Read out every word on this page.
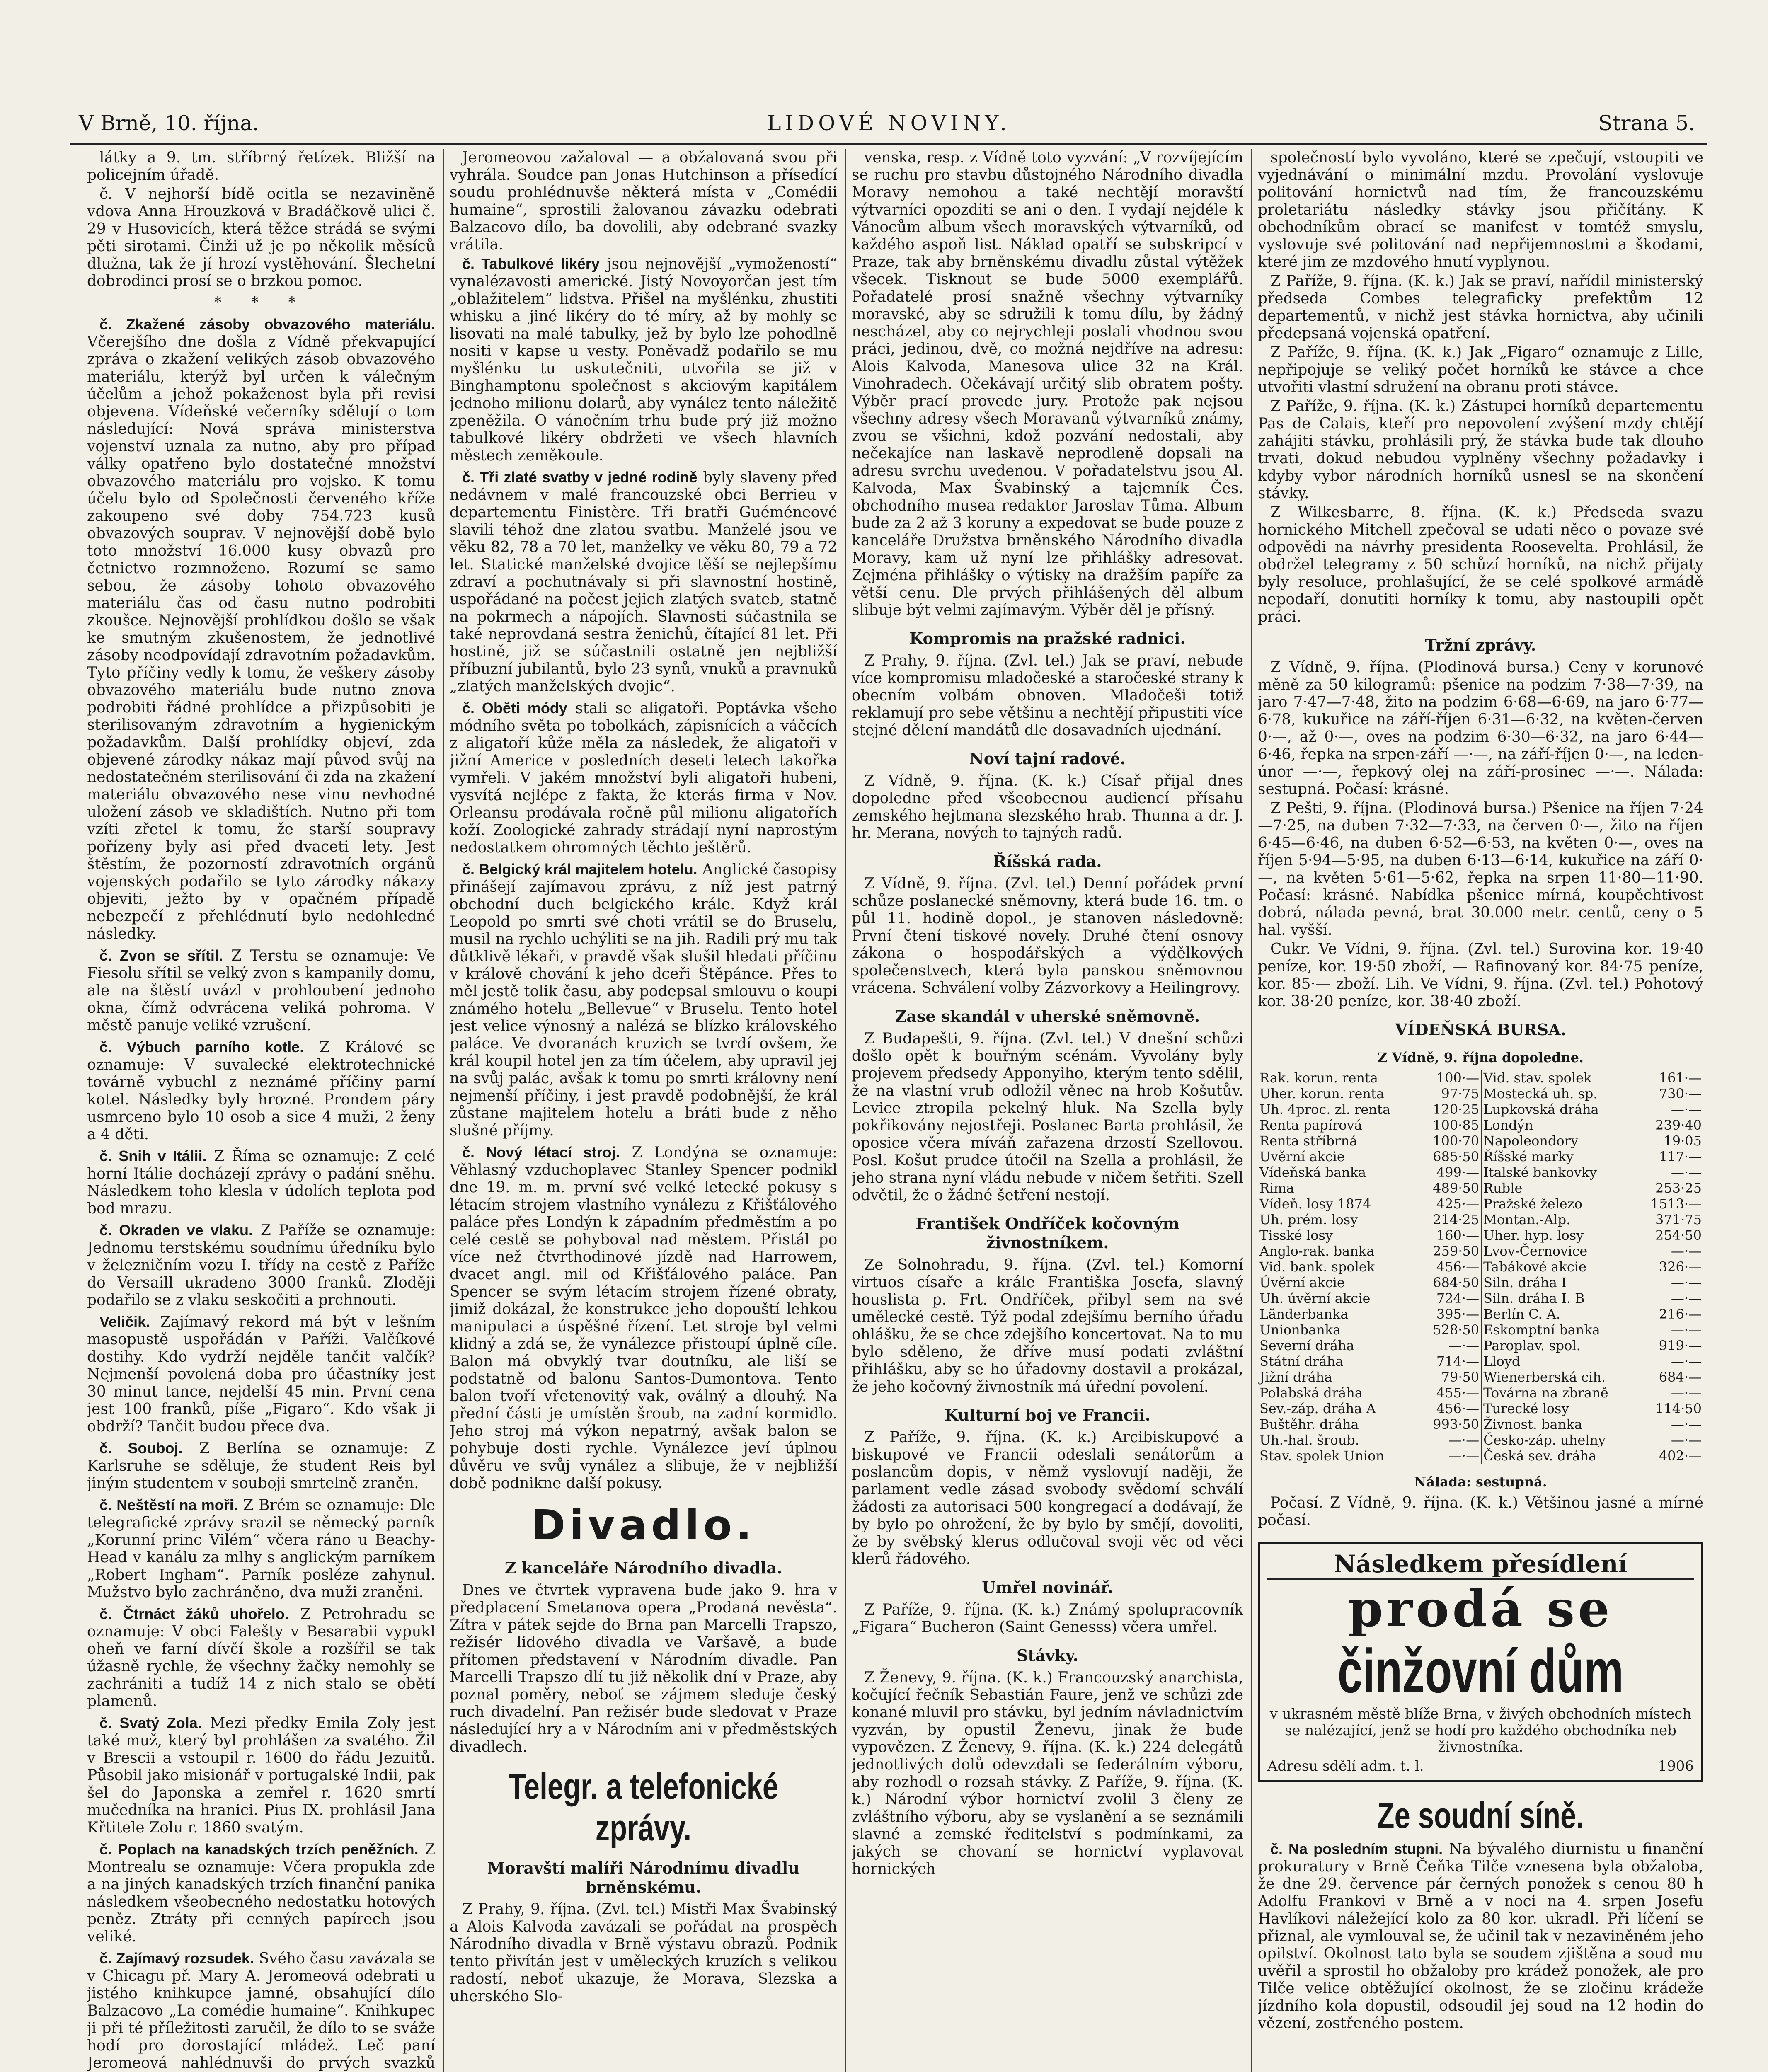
V Brně, 10. října.	LIDOVÉ NOVINY.	Strana 5.

látky a 9. tm. stříbrný řetízek. Bližší na policejním úřadě.

č. V nejhorší bídě ocitla se nezaviněně vdova Anna Hrouzková v Bradáčkově ulici č. 29 v Husovicích, která těžce strádá se svými pěti sirotami. Činži už je po několik měsíců dlužna, tak že jí hrozí vystěhování. Šlechetní dobrodinci prosí se o brzkou pomoc.

* * *

č. Zkažené zásoby obvazového materiálu. Včerejšího dne došla z Vídně překvapující zpráva o zkažení velikých zásob obvazového materiálu, kterýž byl určen k válečným účelům a jehož pokaženost byla při revisi objevena. Vídeňské večerníky sdělují o tom následující: Nová správa ministerstva vojenství uznala za nutno, aby pro případ války opatřeno bylo dostatečné množství obvazového materiálu pro vojsko. K tomu účelu bylo od Společnosti červeného kříže zakoupeno své doby 754.723 kusů obvazových souprav. V nejnovější době bylo toto množství 16.000 kusy obvazů pro četnictvo rozmnoženo. Rozumí se samo sebou, že zásoby tohoto obvazového materiálu čas od času nutno podrobiti zkoušce. Nejnovější prohlídkou došlo se však ke smutným zkušenostem, že jednotlivé zásoby neodpovídají zdravotním požadavkům. Tyto příčiny vedly k tomu, že veškery zásoby obvazového materiálu bude nutno znova podrobiti řádné prohlídce a přizpůsobiti je sterilisovaným zdravotním a hygienickým požadavkům. Další prohlídky objeví, zda objevené zárodky nákaz mají původ svůj na nedostatečném sterilisování či zda na zkažení materiálu obvazového nese vinu nevhodné uložení zásob ve skladištích. Nutno při tom vzíti zřetel k tomu, že starší soupravy pořízeny byly asi před dvaceti lety. Jest štěstím, že pozorností zdravotních orgánů vojenských podařilo se tyto zárodky nákazy objeviti, ježto by v opačném případě nebezpečí z přehlédnutí bylo nedohledné následky.

č. Zvon se sřítil. Z Terstu se oznamuje: Ve Fiesolu sřítil se velký zvon s kampanily domu, ale na štěstí uvázl v prohloubení jednoho okna, čímž odvrácena veliká pohroma. V městě panuje veliké vzrušení.

č. Výbuch parního kotle. Z Králové se oznamuje: V suvalecké elektrotechnické továrně vybuchl z neznámé příčiny parní kotel. Následky byly hrozné. Prondem páry usmrceno bylo 10 osob a sice 4 muži, 2 ženy a 4 děti.

č. Snih v Itálii. Z Říma se oznamuje: Z celé horní Itálie docházejí zprávy o padání sněhu. Následkem toho klesla v údolích teplota pod bod mrazu.

č. Okraden ve vlaku. Z Paříže se oznamuje: Jednomu terstskému soudnímu úředníku bylo v železničním vozu I. třídy na cestě z Paříže do Versaill ukradeno 3000 franků. Zloději podařilo se z vlaku seskočiti a prchnouti.

Veličik. Zajímavý rekord má být v lešním masopustě uspořádán v Paříži. Valčíkové dostihy. Kdo vydrží nejděle tančit valčík? Nejmenší povolená doba pro účastníky jest 30 minut tance, nejdelší 45 min. První cena jest 100 franků, píše „Figaro“. Kdo však ji obdrží? Tančit budou přece dva.

č. Souboj. Z Berlína se oznamuje: Z Karlsruhe se sděluje, že student Reis byl jiným studentem v souboji smrtelně zraněn.

č. Neštěstí na moři. Z Brém se oznamuje: Dle telegrafické zprávy srazil se německý parník „Korunní princ Vilém“ včera ráno u Beachy-Head v kanálu za mlhy s anglickým parníkem „Robert Ingham“. Parník posléze zahynul. Mužstvo bylo zachráněno, dva muži zraněni.

č. Čtrnáct žáků uhořelo. Z Petrohradu se oznamuje: V obci Falešty v Besarabii vypukl oheň ve farní dívčí škole a rozšířil se tak úžasně rychle, že všechny žačky nemohly se zachrániti a tudíž 14 z nich stalo se obětí plamenů.

č. Svatý Zola. Mezi předky Emila Zoly jest také muž, který byl prohlášen za svatého. Žil v Brescii a vstoupil r. 1600 do řádu Jezuitů. Působil jako misionář v portugalské Indii, pak šel do Japonska a zemřel r. 1620 smrtí mučedníka na hranici. Pius IX. prohlásil Jana Křtitele Zolu r. 1860 svatým.

č. Poplach na kanadských trzích peněžních. Z Montrealu se oznamuje: Včera propukla zde a na jiných kanadských trzích finanční panika následkem všeobecného nedostatku hotových peněz. Ztráty při cenných papírech jsou veliké.

č. Zajímavý rozsudek. Svého času zavázala se v Chicagu př. Mary A. Jeromeová odebrati u jistého knihkupce jamné, obsahující dílo Balzacovo „La comédie humaine“. Knihkupec ji při té příležitosti zaručil, že dílo to se sváže hodí pro dorostající mládež. Leč paní Jeromeová nahlédnuvši do prvých svazků

Jeromeovou zažaloval — a obžalovaná svou při vyhrála. Soudce pan Jonas Hutchinson a přísedící soudu prohlédnuvše některá místa v „Comédii humaine“, sprostili žalovanou závazku odebrati Balzacovo dílo, ba dovolili, aby odebrané svazky vrátila.

č. Tabulkové likéry jsou nejnovější „vymožeností“ vynalézavosti americké. Jistý Novoyorčan jest tím „oblažitelem“ lidstva. Přišel na myšlénku, zhustiti whisku a jiné likéry do té míry, až by mohly se lisovati na malé tabulky, jež by bylo lze pohodlně nositi v kapse u vesty. Poněvadž podařilo se mu myšlénku tu uskutečniti, utvořila se již v Binghamptonu společnost s akciovým kapitálem jednoho milionu dolarů, aby vynález tento náležitě zpeněžila. O vánočním trhu bude prý již možno tabulkové likéry obdržeti ve všech hlavních městech zeměkoule.

č. Tři zlaté svatby v jedné rodině byly slaveny před nedávnem v malé francouzské obci Berrieu v departementu Finistère. Tři bratři Guéméneové slavili téhož dne zlatou svatbu. Manželé jsou ve věku 82, 78 a 70 let, manželky ve věku 80, 79 a 72 let. Statické manželské dvojice těší se nejlepšímu zdraví a pochutnávaly si při slavnostní hostině, uspořádané na počest jejich zlatých svateb, statně na pokrmech a nápojích. Slavnosti súčastnila se také neprovdaná sestra ženichů, čítající 81 let. Při hostině, již se súčastnili ostatně jen nejbližší příbuzní jubilantů, bylo 23 synů, vnuků a pravnuků „zlatých manželských dvojic“.

č. Oběti módy stali se aligatoři. Poptávka všeho módního světa po tobolkách, zápisnících a váčcích z aligatoří kůže měla za následek, že aligatoři v jižní Americe v posledních deseti letech takořka vymřeli. V jakém množství byli aligatoři hubeni, vysvítá nejlépe z fakta, že kterás firma v Nov. Orleansu prodávala ročně půl milionu aligatořích koží. Zoologické zahrady strádají nyní naprostým nedostatkem ohromných těchto ještěrů.

č. Belgický král majitelem hotelu. Anglické časopisy přinášejí zajímavou zprávu, z níž jest patrný obchodní duch belgického krále. Když král Leopold po smrti své choti vrátil se do Bruselu, musil na rychlo uchýliti se na jih. Radili prý mu tak důtklivě lékaři, v pravdě však slušil hledati příčinu v králově chování k jeho dceři Štěpánce. Přes to měl jestě tolik času, aby podepsal smlouvu o koupi známého hotelu „Bellevue“ v Bruselu. Tento hotel jest velice výnosný a nalézá se blízko královského paláce. Ve dvoranách kruzich se tvrdí ovšem, že král koupil hotel jen za tím účelem, aby upravil jej na svůj palác, avšak k tomu po smrti královny není nejmenší příčiny, i jest pravdě podobnější, že král zůstane majitelem hotelu a bráti bude z něho slušné příjmy.

č. Nový létací stroj. Z Londýna se oznamuje: Věhlasný vzduchoplavec Stanley Spencer podnikl dne 19. m. m. první své velké letecké pokusy s létacím strojem vlastního vynálezu z Křišťálového paláce přes Londýn k západním předměstím a po celé cestě se pohyboval nad městem. Přistál po více než čtvrthodinové jízdě nad Harrowem, dvacet angl. mil od Křišťálového paláce. Pan Spencer se svým létacím strojem řízené obraty, jimiž dokázal, že konstrukce jeho dopouští lehkou manipulaci a úspěšné řízení. Let stroje byl velmi klidný a zdá se, že vynálezce přistoupí úplně cíle. Balon má obvyklý tvar doutníku, ale liší se podstatně od balonu Santos-Dumontova. Tento balon tvoří vřetenovitý vak, oválný a dlouhý. Na přední části je umístěn šroub, na zadní kormidlo. Jeho stroj má výkon nepatrný, avšak balon se pohybuje dosti rychle. Vynálezce jeví úplnou důvěru ve svůj vynález a slibuje, že v nejbližší době podnikne další pokusy.

Divadlo.
Z kanceláře Národního divadla.

Dnes ve čtvrtek vypravena bude jako 9. hra v předplacení Smetanova opera „Prodaná nevěsta“. Zítra v pátek sejde do Brna pan Marcelli Trapszo, režisér lidového divadla ve Varšavě, a bude přítomen představení v Národním divadle. Pan Marcelli Trapszo dlí tu již několik dní v Praze, aby poznal poměry, neboť se zájmem sleduje český ruch divadelní. Pan režisér bude sledovat v Praze následující hry a v Národním ani v předměstských divadlech.

Telegr. a telefonické zprávy.
Moravští malíři Národnímu divadlu brněnskému.

Z Prahy, 9. října. (Zvl. tel.) Mistři Max Švabinský a Alois Kalvoda zavázali se pořádat na prospěch Národního divadla v Brně výstavu obrazů. Podnik tento přivítán jest v uměleckých kruzích s velikou radostí, neboť ukazuje, že Morava, Slezska a uherského Slo-

venska, resp. z Vídně toto vyzvání: „V rozvíjejícím se ruchu pro stavbu důstojného Národního divadla Moravy nemohou a také nechtějí moravští výtvarníci opozditi se ani o den. I vydají nejdéle k Vánocům album všech moravských výtvarníků, od každého aspoň list. Náklad opatří se subskripcí v Praze, tak aby brněnskému divadlu zůstal výtěžek všecek. Tisknout se bude 5000 exemplářů. Pořadatelé prosí snažně všechny výtvarníky moravské, aby se sdružili k tomu dílu, by žádný nescházel, aby co nejrychleji poslali vhodnou svou práci, jedinou, dvě, co možná nejdříve na adresu: Alois Kalvoda, Manesova ulice 32 na Král. Vinohradech. Očekávají určitý slib obratem pošty. Výběr prací provede jury. Protože pak nejsou všechny adresy všech Moravanů výtvarníků známy, zvou se všichni, kdož pozvání nedostali, aby nečekajíce nan laskavě neprodleně dopsali na adresu svrchu uvedenou. V pořadatelstvu jsou Al. Kalvoda, Max Švabinský a tajemník Čes. obchodního musea redaktor Jaroslav Tůma. Album bude za 2 až 3 koruny a expedovat se bude pouze z kanceláře Družstva brněnského Národního divadla Moravy, kam už nyní lze přihlášky adresovat. Zejména přihlášky o výtisky na dražším papíře za větší cenu. Dle prvých přihlášených děl album slibuje být velmi zajímavým. Výběr děl je přísný.

Kompromis na pražské radnici.

Z Prahy, 9. října. (Zvl. tel.) Jak se praví, nebude více kompromisu mladočeské a staročeské strany k obecním volbám obnoven. Mladočeši totiž reklamují pro sebe většinu a nechtějí připustiti více stejné dělení mandátů dle dosavadních ujednání.

Noví tajní radové.

Z Vídně, 9. října. (K. k.) Císař přijal dnes dopoledne před všeobecnou audiencí přísahu zemského hejtmana slezského hrab. Thunna a dr. J. hr. Merana, nových to tajných radů.

Říšská rada.

Z Vídně, 9. října. (Zvl. tel.) Denní pořádek první schůze poslanecké sněmovny, která bude 16. tm. o půl 11. hodině dopol., je stanoven následovně: První čtení tiskové novely. Druhé čtení osnovy zákona o hospodářských a výdělkových společenstvech, která byla panskou sněmovnou vrácena. Schválení volby Zázvorkovy a Heilingrovy.

Zase skandál v uherské sněmovně.

Z Budapešti, 9. října. (Zvl. tel.) V dnešní schůzi došlo opět k bouřným scénám. Vyvolány byly projevem předsedy Apponyiho, kterým tento sdělil, že na vlastní vrub odložil věnec na hrob Košutův. Levice ztropila pekelný hluk. Na Szella byly pokřikovány nejostřeji. Poslanec Barta prohlásil, že oposice včera míváň zařazena drzostí Szellovou. Posl. Košut prudce útočil na Szella a prohlásil, že jeho strana nyní vládu nebude v ničem šetřiti. Szell odvětil, že o žádné šetření nestojí.

František Ondříček kočovným živnostníkem.

Ze Solnohradu, 9. října. (Zvl. tel.) Komorní virtuos císaře a krále Františka Josefa, slavný houslista p. Frt. Ondříček, přibyl sem na své umělecké cestě. Týž podal zdejšímu berního úřadu ohlášku, že se chce zdejšího koncertovat. Na to mu bylo sděleno, že dříve musí podati zvláštní přihlášku, aby se ho úřadovny dostavil a prokázal, že jeho kočovný živnostník má úřední povolení.

Kulturní boj ve Francii.

Z Paříže, 9. října. (K. k.) Arcibiskupové a biskupové ve Francii odeslali senátorům a poslancům dopis, v němž vyslovují naději, že parlament vedle zásad svobody svědomí schválí žádosti za autorisaci 500 kongregací a dodávají, že by bylo po ohrožení, že by bylo by smějí, dovoliti, že by svěbský klerus odlučoval svoji věc od věci klerů řádového.

Umřel novinář.

Z Paříže, 9. října. (K. k.) Známý spolupracovník „Figara“ Bucheron (Saint Genesss) včera umřel.

Stávky.

Z Ženevy, 9. října. (K. k.) Francouzský anarchista, kočující řečník Sebastián Faure, jenž ve schůzi zde konané mluvil pro stávku, byl jedním návladnictvím vyzván, by opustil Ženevu, jinak že bude vypovězen. Z Ženevy, 9. října. (K. k.) 224 delegátů jednotlivých dolů odevzdali se federálním výboru, aby rozhodl o rozsah stávky. Z Paříže, 9. října. (K. k.) Národní výbor hornictví zvolil 3 členy ze zvláštního výboru, aby se vyslanění a se seznámili slavné a zemské ředitelství s podmínkami, za jakých se chovaní se hornictví vyplavovat hornických

společností bylo vyvoláno, které se zpečují, vstoupiti ve vyjednávání o minimální mzdu. Provolání vyslovuje politování hornictvů nad tím, že francouzskému proletariátu následky stávky jsou přičítány. K obchodníkům obrací se manifest v tomtéž smyslu, vyslovuje své politování nad nepřijemnostmi a škodami, které jim ze mzdového hnutí vyplynou.

Z Paříže, 9. října. (K. k.) Jak se praví, nařídil ministerský předseda Combes telegraficky prefektům 12 departementů, v nichž jest stávka hornictva, aby učinili předepsaná vojenská opatření.

Z Paříže, 9. října. (K. k.) Jak „Figaro“ oznamuje z Lille, nepřipojuje se veliký počet horníků ke stávce a chce utvořiti vlastní sdružení na obranu proti stávce.

Z Paříže, 9. října. (K. k.) Zástupci horníků departementu Pas de Calais, kteří pro nepovolení zvýšení mzdy chtějí zahájiti stávku, prohlásili prý, že stávka bude tak dlouho trvati, dokud nebudou vyplněny všechny požadavky i kdyby vybor národních horníků usnesl se na skončení stávky.

Z Wilkesbarre, 8. října. (K. k.) Předseda svazu hornického Mitchell zpečoval se udati něco o povaze své odpovědi na návrhy presidenta Roosevelta. Prohlásil, že obdržel telegramy z 50 schůzí horníků, na nichž přijaty byly resoluce, prohlašující, že se celé spolkové armádě nepodaří, donutiti horníky k tomu, aby nastoupili opět práci.

Tržní zprávy.

Z Vídně, 9. října. (Plodinová bursa.) Ceny v korunové měně za 50 kilogramů: pšenice na podzim 7·38—7·39, na jaro 7·47—7·48, žito na podzim 6·68—6·69, na jaro 6·77—6·78, kukuřice na září-říjen 6·31—6·32, na květen-červen 0·—, až 0·—, oves na podzim 6·30—6·32, na jaro 6·44—6·46, řepka na srpen-září —·—, na září-říjen 0·—, na leden-únor —·—, řepkový olej na září-prosinec —·—. Nálada: sestupná. Počasí: krásné.

Z Pešti, 9. října. (Plodinová bursa.) Pšenice na říjen 7·24—7·25, na duben 7·32—7·33, na červen 0·—, žito na říjen 6·45—6·46, na duben 6·52—6·53, na květen 0·—, oves na říjen 5·94—5·95, na duben 6·13—6·14, kukuřice na září 0·—, na květen 5·61—5·62, řepka na srpen 11·80—11·90. Počasí: krásné. Nabídka pšenice mírná, koupěchtivost dobrá, nálada pevná, brat 30.000 metr. centů, ceny o 5 hal. vyšší.

Cukr. Ve Vídni, 9. října. (Zvl. tel.) Surovina kor. 19·40 peníze, kor. 19·50 zboží, — Rafinovaný kor. 84·75 peníze, kor. 85·— zboží. Lih. Ve Vídni, 9. října. (Zvl. tel.) Pohotový kor. 38·20 peníze, kor. 38·40 zboží.

VÍDEŇSKÁ BURSA.
Z Vídně, 9. října dopoledne.
Rak. korun. renta	100·—	Vid. stav. spolek	161·—
Uher. korun. renta	97·75	Mostecká uh. sp.	730·—
Uh. 4proc. zl. renta	120·25	Lupkovská dráha	—·—
Renta papírová	100·85	Londýn	239·40
Renta stříbrná	100·70	Napoleondory	19·05
Uvěrní akcie	685·50	Říšské marky	117·—
Vídeňská banka	499·—	Italské bankovky	—·—
Rima	489·50	Ruble	253·25
Vídeň. losy 1874	425·—	Pražské železo	1513·—
Uh. prém. losy	214·25	Montan.-Alp.	371·75
Tisské losy	160·—	Uher. hyp. losy	254·50
Anglo-rak. banka	259·50	Lvov-Černovice	—·—
Vid. bank. spolek	456·—	Tabákové akcie	326·—
Úvěrní akcie	684·50	Siln. dráha I	—·—
Uh. úvěrní akcie	724·—	Siln. dráha I. B	—·—
Länderbanka	395·—	Berlín C. A.	216·—
Unionbanka	528·50	Eskomptní banka	—·—
Severní dráha	—·—	Paroplav. spol.	919·—
Státní dráha	714·—	Lloyd	—·—
Jižní dráha	79·50	Wienerberská cih.	684·—
Polabská dráha	455·—	Továrna na zbraně	—·—
Sev.-záp. dráha A	456·—	Turecké losy	114·50
Buštěhr. dráha	993·50	Živnost. banka	—·—
Uh.-hal. šroub.	—·—	Česko-záp. uhelny	—·—
Stav. spolek Union	—·—	Česká sev. dráha	402·—
Nálada: sestupná.

Počasí. Z Vídně, 9. října. (K. k.) Většinou jasné a mírné počasí.

Následkem přesídlení
prodá se
činžovní dům
v ukrasném městě blíže Brna, v živých obchodních místech se nalézající, jenž se hodí pro každého obchodníka neb živnostníka.
Adresu sdělí adm. t. l.	1906
Ze soudní síně.

č. Na posledním stupni. Na bývalého diurnistu u finanční prokuratury v Brně Čeňka Tilče vznesena byla obžaloba, že dne 29. července pár černých ponožek s cenou 80 h Adolfu Frankovi v Brně a v noci na 4. srpen Josefu Havlíkovi náležející kolo za 80 kor. ukradl. Při líčení se přiznal, ale vymlouval se, že učinil tak v nezaviněném jeho opilství. Okolnost tato byla se soudem zjištěna a soud mu uvěřil a sprostil ho obžaloby pro krádež ponožek, ale pro Tilče velice obtěžující okolnost, že se zločinu krádeže jízdního kola dopustil, odsoudil jej soud na 12 hodin do vězení, zostřeného postem.
